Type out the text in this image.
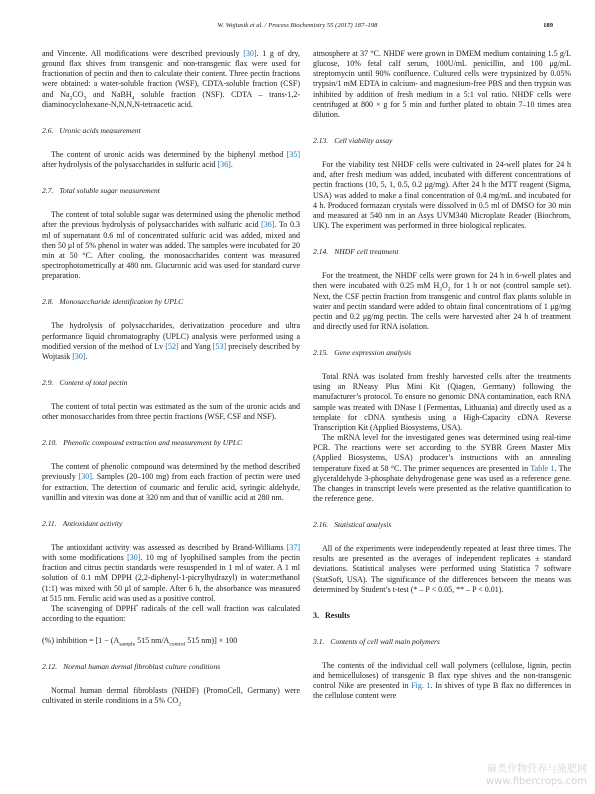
W. Wojtasik et al. / Process Biochemistry 55 (2017) 187–198	189

and Vincente. All modifications were described previously [30]. 1 g of dry, ground flax shives from transgenic and non-transgenic flax were used for fractionation of pectin and then to calculate their content. Three pectin fractions were obtained: a water-soluble fraction (WSF), CDTA-soluble fraction (CSF) and $Na_2CO_3$ and NaBH$_4$ soluble fraction (NSF). CDTA – trans-1,2-diaminocyclohexane-N,N,N,N-tetraacetic acid.

2.6. Uronic acids measurement

The content of uronic acids was determined by the biphenyl method [35] after hydrolysis of the polysaccharides in sulfuric acid [36].

2.7. Total soluble sugar measurement

The content of total soluble sugar was determined using the phenolic method after the previous hydrolysis of polysaccharides with sulfuric acid [36]. To 0.3 ml of supernatant 0.6 ml of concentrated sulfuric acid was added, mixed and then 50 μl of 5% phenol in water was added. The samples were incubated for 20 min at 50 °C. After cooling, the monosaccharides content was measured spectrophotometrically at 480 nm. Glucuronic acid was used for standard curve preparation.

2.8. Monosaccharide identification by UPLC

The hydrolysis of polysaccharides, derivatization procedure and ultra performance liquid chromatography (UPLC) analysis were performed using a modified version of the method of Lv [52] and Yang [53] precisely described by Wojtasik [30].

2.9. Content of total pectin

The content of total pectin was estimated as the sum of the uronic acids and other monosaccharides from three pectin fractions (WSF, CSF and NSF).

2.10. Phenolic compound extraction and measurement by UPLC

The content of phenolic compound was determined by the method described previously [30]. Samples (20–100 mg) from each fraction of pectin were used for extraction. The detection of coumaric and ferulic acid, syringic aldehyde, vanillin and vitexin was done at 320 nm and that of vanillic acid at 280 nm.

2.11. Antioxidant activity

The antioxidant activity was assessed as described by Brand-Williams [37] with some modifications [30]. 10 mg of lyophilised samples from the pectin fraction and citrus pectin standards were resuspended in 1 ml of water. A 1 ml solution of 0.1 mM DPPH (2,2-diphenyl-1-picrylhydrazyl) in water:methanol (1:1) was mixed with 50 μl of sample. After 6 h, the absorbance was measured at 515 nm. Ferulic acid was used as a positive control.

The scavenging of DPPH• radicals of the cell wall fraction was calculated according to the equation:

(%) inhibition = [$1 - (A_{sample}$ 515 $nm/A_{control}$ 515 nm)] × 100
2.12. Normal human dermal fibroblast culture conditions

Normal human dermal fibroblasts (NHDF) (PromoCell, Germany) were cultivated in sterile conditions in a 5% $CO_2$

atmosphere at 37 °C. NHDF were grown in DMEM medium containing 1.5 g/L glucose, 10% fetal calf serum, 100U/mL penicillin, and 100 μg/mL streptomycin until 90% confluence. Cultured cells were trypsinized by 0.05% trypsin/1 mM EDTA in calcium- and magnesium-free PBS and then trypsin was inhibited by addition of fresh medium in a 5:1 vol ratio. NHDF cells were centrifuged at 800 × g for 5 min and further plated to obtain 7–10 times area dilution.

2.13. Cell viability assay

For the viability test NHDF cells were cultivated in 24-well plates for 24 h and, after fresh medium was added, incubated with different concentrations of pectin fractions (10, 5, 1, 0.5, 0.2 μg/mg). After 24 h the MTT reagent (Sigma, USA) was added to make a final concentration of 0.4 mg/mL and incubated for 4 h. Produced formazan crystals were dissolved in 0.5 ml of DMSO for 30 min and measured at 540 nm in an Asys UVM340 Microplate Reader (Biochrom, UK). The experiment was performed in three biological replicates.

2.14. NHDF cell treatment

For the treatment, the NHDF cells were grown for 24 h in 6-well plates and then were incubated with 0.25 mM $H_2O_2$ for 1 h or not (control sample set). Next, the CSF pectin fraction from transgenic and control flax plants soluble in water and pectin standard were added to obtain final concentrations of 1 μg/mg pectin and 0.2 μg/mg pectin. The cells were harvested after 24 h of treatment and directly used for RNA isolation.

2.15. Gene expression analysis

Total RNA was isolated from freshly harvested cells after the treatments using an RNeasy Plus Mini Kit (Qiagen, Germany) following the manufacturer’s protocol. To ensure no genomic DNA contamination, each RNA sample was treated with DNase I (Fermentas, Lithuania) and directly used as a template for cDNA synthesis using a High-Capacity cDNA Reverse Transcription Kit (Applied Biosystems, USA).

The mRNA level for the investigated genes was determined using real-time PCR. The reactions were set according to the SYBR Green Master Mix (Applied Biosystems, USA) producer’s instructions with an annealing temperature fixed at 58 °C. The primer sequences are presented in Table 1. The glyceraldehyde 3-phosphate dehydrogenase gene was used as a reference gene. The changes in transcript levels were presented as the relative quantification to the reference gene.

2.16. Statistical analysis

All of the experiments were independently repeated at least three times. The results are presented as the averages of independent replicates ± standard deviations. Statistical analyses were performed using Statistica 7 software (StatSoft, USA). The significance of the differences between the means was determined by Student’s t-test (* – P < 0.05, ** – P < 0.01).

3. Results
3.1. Contents of cell wall main polymers

The contents of the individual cell wall polymers (cellulose, lignin, pectin and hemicelluloses) of transgenic B flax type shives and the non-transgenic control Nike are presented in Fig. 1. In shives of type B flax no differences in the cellulose content were

麻类作物营养与施肥网
www.fibercrops.com
